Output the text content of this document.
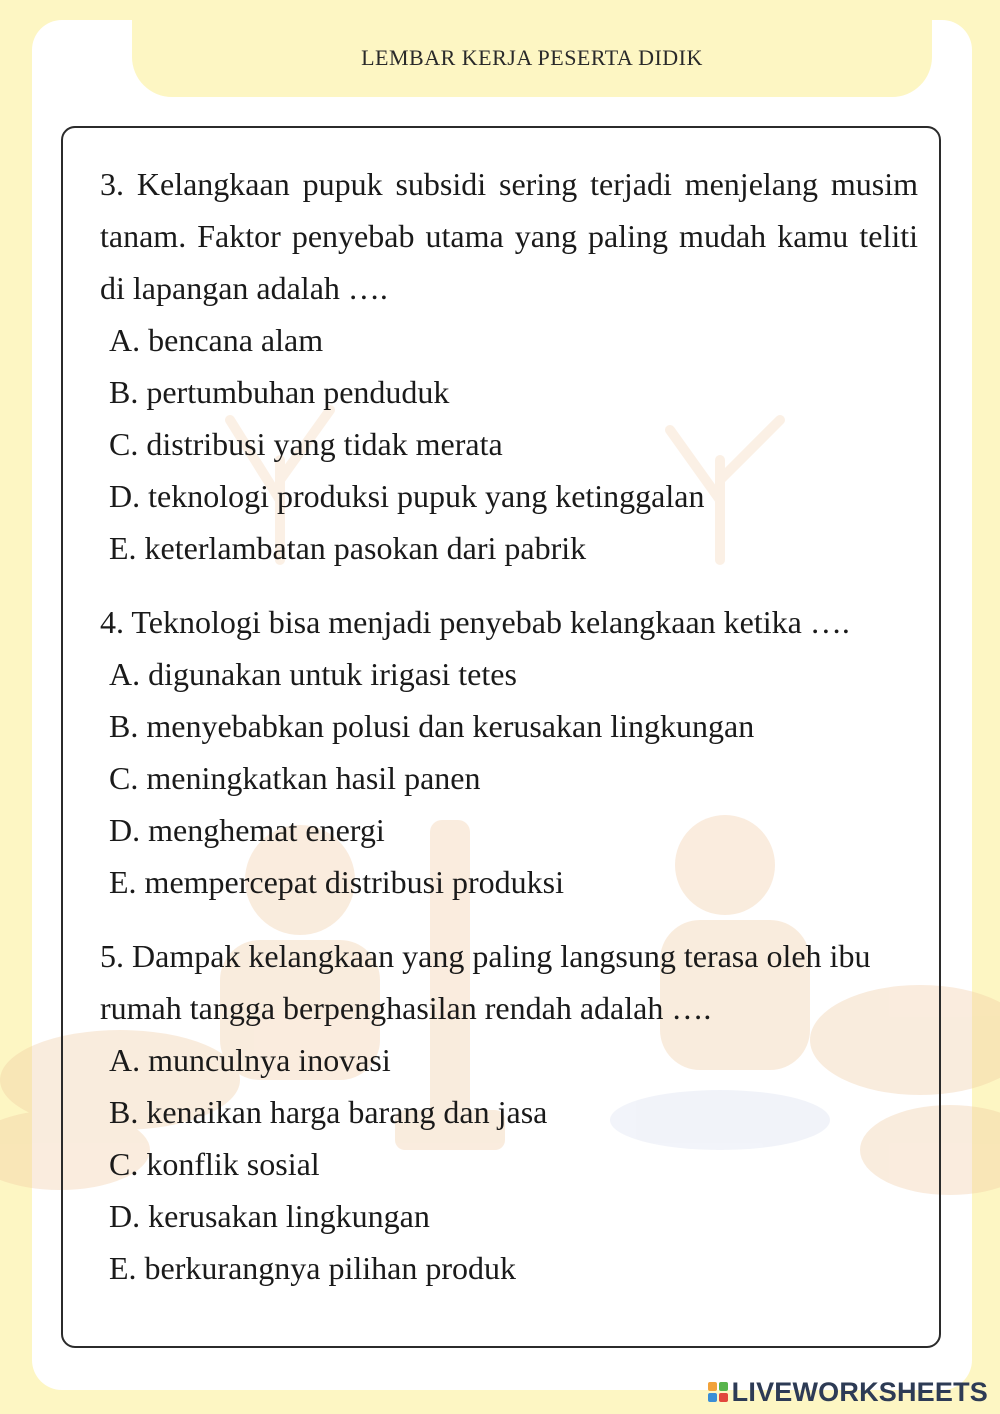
LEMBAR KERJA PESERTA DIDIK
3. Kelangkaan pupuk subsidi sering terjadi menjelang musim tanam. Faktor penyebab utama yang paling mudah kamu teliti di lapangan adalah ….
A. bencana alam
B. pertumbuhan penduduk
C. distribusi yang tidak merata
D. teknologi produksi pupuk yang ketinggalan
E. keterlambatan pasokan dari pabrik
4. Teknologi bisa menjadi penyebab kelangkaan ketika ….
A. digunakan untuk irigasi tetes
B. menyebabkan polusi dan kerusakan lingkungan
C. meningkatkan hasil panen
D. menghemat energi
E. mempercepat distribusi produksi
5. Dampak kelangkaan yang paling langsung terasa oleh ibu rumah tangga berpenghasilan rendah adalah ….
A. munculnya inovasi
B. kenaikan harga barang dan jasa
C. konflik sosial
D. kerusakan lingkungan
E. berkurangnya pilihan produk
LIVEWORKSHEETS
